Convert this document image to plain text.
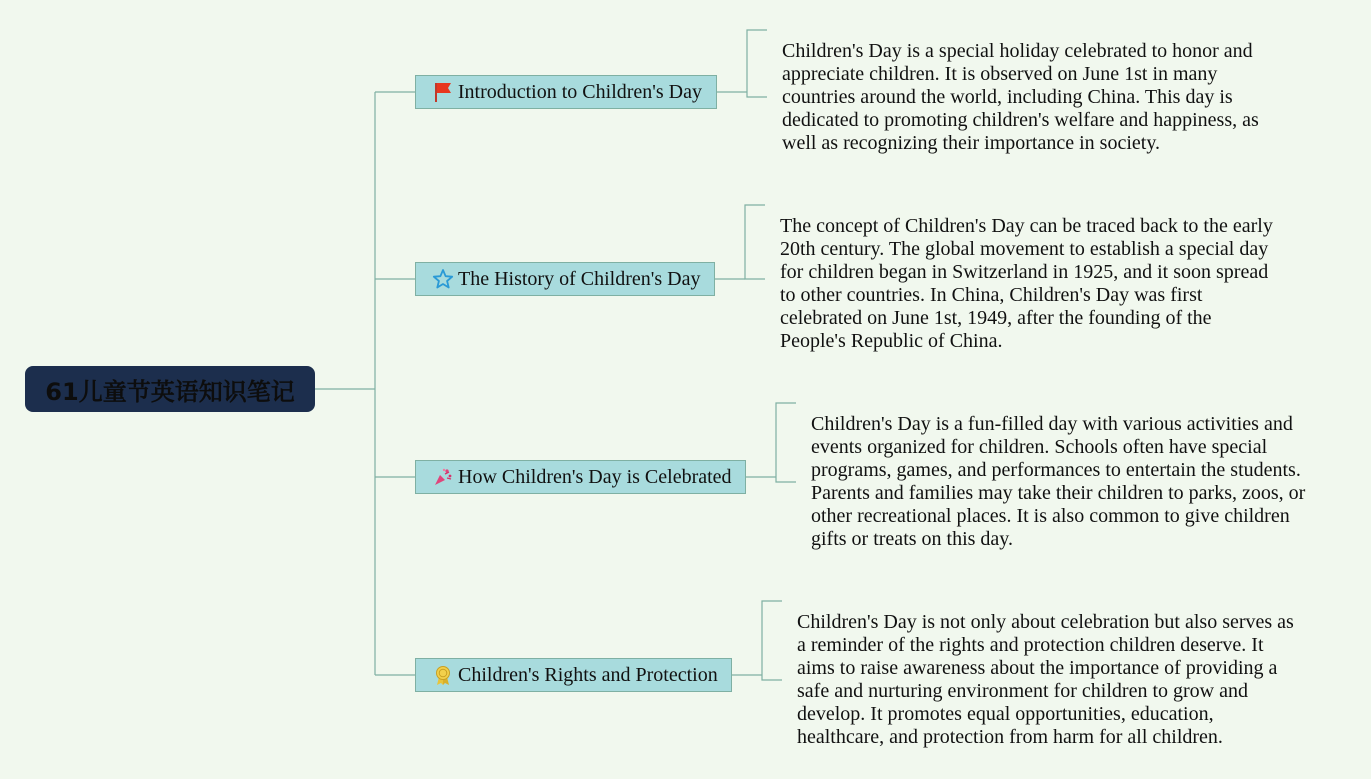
61儿童节英语知识笔记
Introduction to Children's Day
Children's Day is a special holiday celebrated to honor and
appreciate children. It is observed on June 1st in many
countries around the world, including China. This day is
dedicated to promoting children's welfare and happiness, as
well as recognizing their importance in society.
The History of Children's Day
The concept of Children's Day can be traced back to the early
20th century. The global movement to establish a special day
for children began in Switzerland in 1925, and it soon spread
to other countries. In China, Children's Day was first
celebrated on June 1st, 1949, after the founding of the
People's Republic of China.
How Children's Day is Celebrated
Children's Day is a fun-filled day with various activities and
events organized for children. Schools often have special
programs, games, and performances to entertain the students.
Parents and families may take their children to parks, zoos, or
other recreational places. It is also common to give children
gifts or treats on this day.
Children's Rights and Protection
Children's Day is not only about celebration but also serves as
a reminder of the rights and protection children deserve. It
aims to raise awareness about the importance of providing a
safe and nurturing environment for children to grow and
develop. It promotes equal opportunities, education,
healthcare, and protection from harm for all children.
